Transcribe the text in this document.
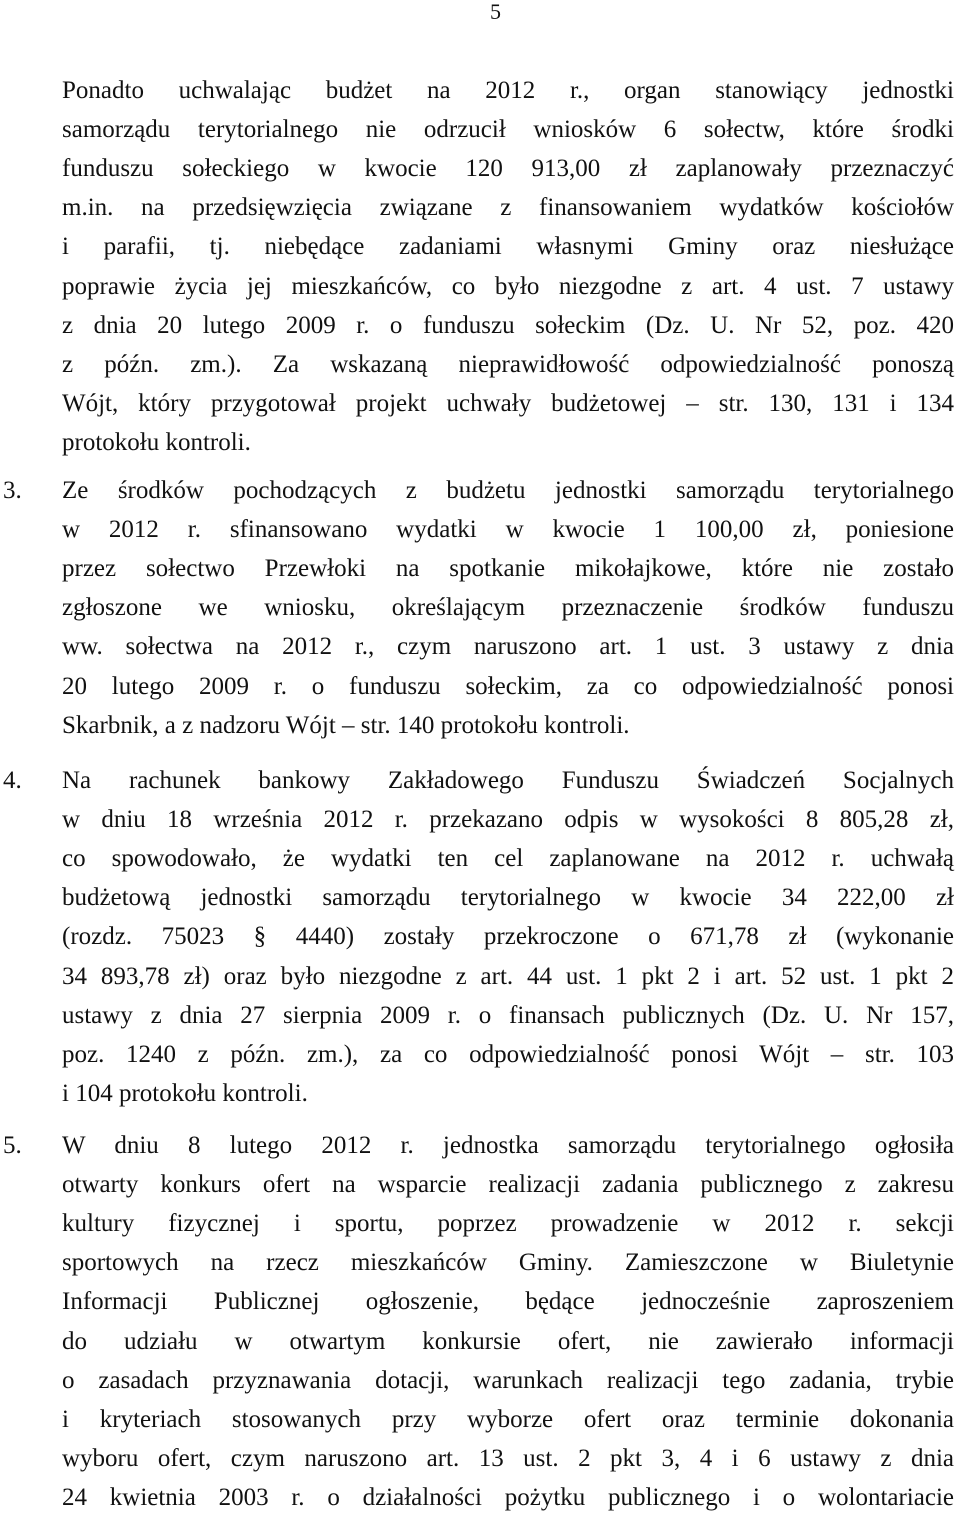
5
Ponadto uchwalając budżet na 2012 r., organ stanowiący jednostki
samorządu terytorialnego nie odrzucił wniosków 6 sołectw, które środki
funduszu sołeckiego w kwocie 120 913,00 zł zaplanowały przeznaczyć
m.in. na przedsięwzięcia związane z finansowaniem wydatków kościołów
i parafii, tj. niebędące zadaniami własnymi Gminy oraz niesłużące
poprawie życia jej mieszkańców, co było niezgodne z art. 4 ust. 7 ustawy
z dnia 20 lutego 2009 r. o funduszu sołeckim (Dz. U. Nr 52, poz. 420
z późn. zm.). Za wskazaną nieprawidłowość odpowiedzialność ponoszą
Wójt, który przygotował projekt uchwały budżetowej – str. 130, 131 i 134
protokołu kontroli.
3. Ze środków pochodzących z budżetu jednostki samorządu terytorialnego
w 2012 r. sfinansowano wydatki w kwocie 1 100,00 zł, poniesione
przez sołectwo Przewłoki na spotkanie mikołajkowe, które nie zostało
zgłoszone we wniosku, określającym przeznaczenie środków funduszu
ww. sołectwa na 2012 r., czym naruszono art. 1 ust. 3 ustawy z dnia
20 lutego 2009 r. o funduszu sołeckim, za co odpowiedzialność ponosi
Skarbnik, a z nadzoru Wójt – str. 140 protokołu kontroli.
4. Na rachunek bankowy Zakładowego Funduszu Świadczeń Socjalnych
w dniu 18 września 2012 r. przekazano odpis w wysokości 8 805,28 zł,
co spowodowało, że wydatki ten cel zaplanowane na 2012 r. uchwałą
budżetową jednostki samorządu terytorialnego w kwocie 34 222,00 zł
(rozdz. 75023 § 4440) zostały przekroczone o 671,78 zł (wykonanie
34 893,78 zł) oraz było niezgodne z art. 44 ust. 1 pkt 2 i art. 52 ust. 1 pkt 2
ustawy z dnia 27 sierpnia 2009 r. o finansach publicznych (Dz. U. Nr 157,
poz. 1240 z późn. zm.), za co odpowiedzialność ponosi Wójt – str. 103
i 104 protokołu kontroli.
5. W dniu 8 lutego 2012 r. jednostka samorządu terytorialnego ogłosiła
otwarty konkurs ofert na wsparcie realizacji zadania publicznego z zakresu
kultury fizycznej i sportu, poprzez prowadzenie w 2012 r. sekcji
sportowych na rzecz mieszkańców Gminy. Zamieszczone w Biuletynie
Informacji Publicznej ogłoszenie, będące jednocześnie zaproszeniem
do udziału w otwartym konkursie ofert, nie zawierało informacji
o zasadach przyznawania dotacji, warunkach realizacji tego zadania, trybie
i kryteriach stosowanych przy wyborze ofert oraz terminie dokonania
wyboru ofert, czym naruszono art. 13 ust. 2 pkt 3, 4 i 6 ustawy z dnia
24 kwietnia 2003 r. o działalności pożytku publicznego i o wolontariacie
